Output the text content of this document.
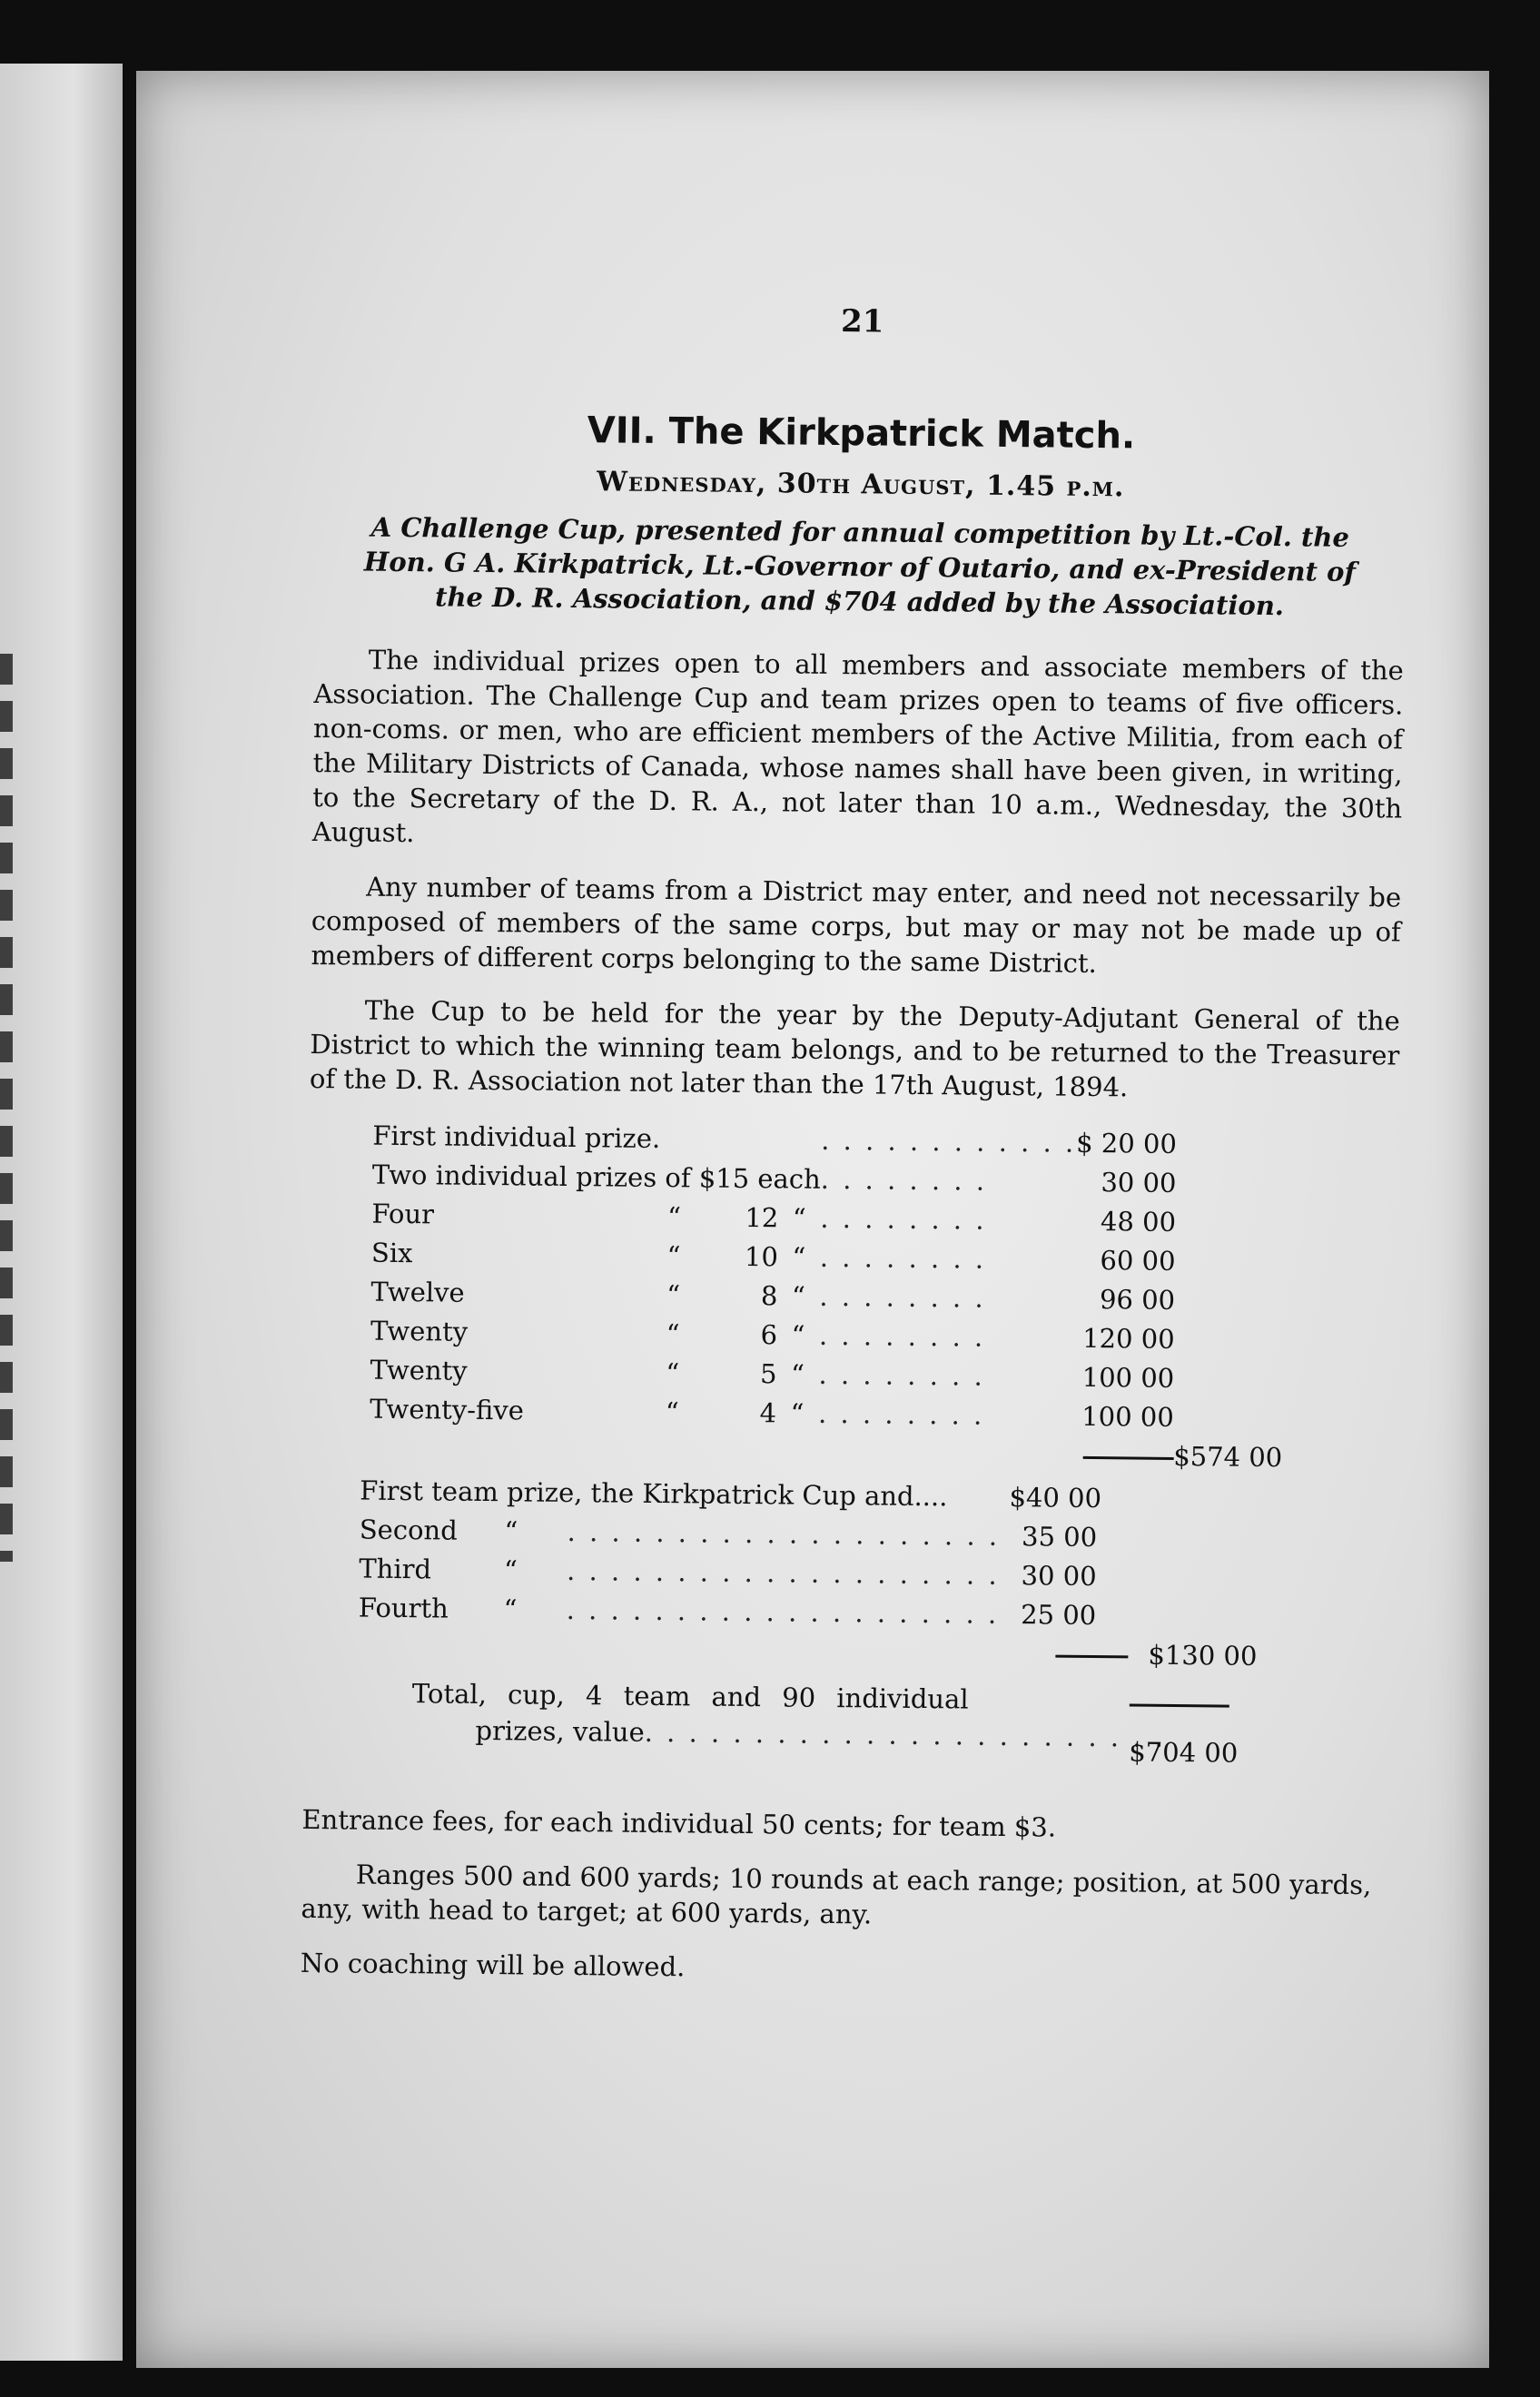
21
VII. The Kirkpatrick Match.
Wednesday, 30th August, 1.45 p.m.
A Challenge Cup, presented for annual competition by Lt.-Col. the Hon. G A. Kirkpatrick, Lt.-Governor of Outario, and ex-President of the D. R. Association, and $704 added by the Association.

The individual prizes open to all members and associate members of the Association. The Challenge Cup and team prizes open to teams of five officers. non-coms. or men, who are efficient members of the Active Militia, from each of the Military Districts of Canada, whose names shall have been given, in writing, to the Secretary of the D. R. A., not later than 10 a.m., Wednesday, the 30th August.

Any number of teams from a District may enter, and need not necessarily be composed of members of the same corps, but may or may not be made up of members of different corps belonging to the same District.

The Cup to be held for the year by the Deputy-Adjutant General of the District to which the winning team belongs, and to be returned to the Treasurer of the D. R. Association not later than the 17th August, 1894.

First individual prize.				. . . . . . . . . . . .	$ 20 00	
Two individual prizes of $15 each				. . . . . . . .	30 00	
Four	“	12	“	. . . . . . . .	48 00	
Six	“	10	“	. . . . . . . .	60 00	
Twelve	“	8	“	. . . . . . . .	96 00	
Twenty	“	6	“	. . . . . . . .	120 00	
Twenty	“	5	“	. . . . . . . .	100 00	
Twenty-five	“	4	“	. . . . . . . .	100 00	
						$574 00
First team prize, the Kirkpatrick Cup and....			$40 00	
Second	“	. . . . . . . . . . . . . . . . . . . .	35 00	
Third	“	. . . . . . . . . . . . . . . . . . . .	30 00	
Fourth	“	. . . . . . . . . . . . . . . . . . . .	25 00	
				$130 00
Total, cup, 4 team and 90 individual
prizes, value. . . . . . . . . . . . . . . . . . . . . . . .
$704 00

Entrance fees, for each individual 50 cents; for team $3.

Ranges 500 and 600 yards; 10 rounds at each range; position, at 500 yards, any, with head to target; at 600 yards, any.

No coaching will be allowed.
